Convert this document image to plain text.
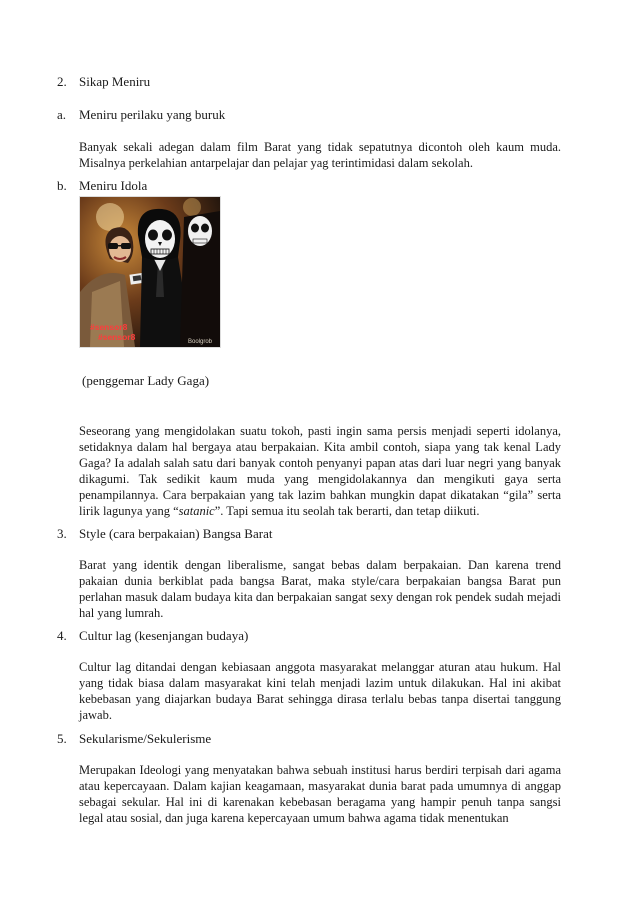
2. Sikap Meniru
a. Meniru perilaku yang buruk
Banyak sekali adegan dalam film Barat yang tidak sepatutnya dicontoh oleh kaum muda. Misalnya perkelahian antarpelajar dan pelajar yag terintimidasi dalam sekolah.
b. Meniru Idola
#sensor8
#sensor8	Boolgrob
(penggemar Lady Gaga)
Seseorang yang mengidolakan suatu tokoh, pasti ingin sama persis menjadi seperti idolanya, setidaknya dalam hal bergaya atau berpakaian. Kita ambil contoh, siapa yang tak kenal Lady Gaga? Ia adalah salah satu dari banyak contoh penyanyi papan atas dari luar negri yang banyak dikagumi. Tak sedikit kaum muda yang mengidolakannya dan mengikuti gaya serta penampilannya. Cara berpakaian yang tak lazim bahkan mungkin dapat dikatakan “gila” serta lirik lagunya yang “satanic”. Tapi semua itu seolah tak berarti, dan tetap diikuti.
3. Style (cara berpakaian) Bangsa Barat
Barat yang identik dengan liberalisme, sangat bebas dalam berpakaian. Dan karena trend pakaian dunia berkiblat pada bangsa Barat, maka style/cara berpakaian bangsa Barat pun perlahan masuk dalam budaya kita dan berpakaian sangat sexy dengan rok pendek sudah mejadi hal yang lumrah.
4. Cultur lag (kesenjangan budaya)
Cultur lag ditandai dengan kebiasaan anggota masyarakat melanggar aturan atau hukum. Hal yang tidak biasa dalam masyarakat kini telah menjadi lazim untuk dilakukan. Hal ini akibat kebebasan yang diajarkan budaya Barat sehingga dirasa terlalu bebas tanpa disertai tanggung jawab.
5. Sekularisme/Sekulerisme
Merupakan Ideologi yang menyatakan bahwa sebuah institusi harus berdiri terpisah dari agama atau kepercayaan. Dalam kajian keagamaan, masyarakat dunia barat pada umumnya di anggap sebagai sekular. Hal ini di karenakan kebebasan beragama yang hampir penuh tanpa sangsi legal atau sosial, dan juga karena kepercayaan umum bahwa agama tidak menentukan
